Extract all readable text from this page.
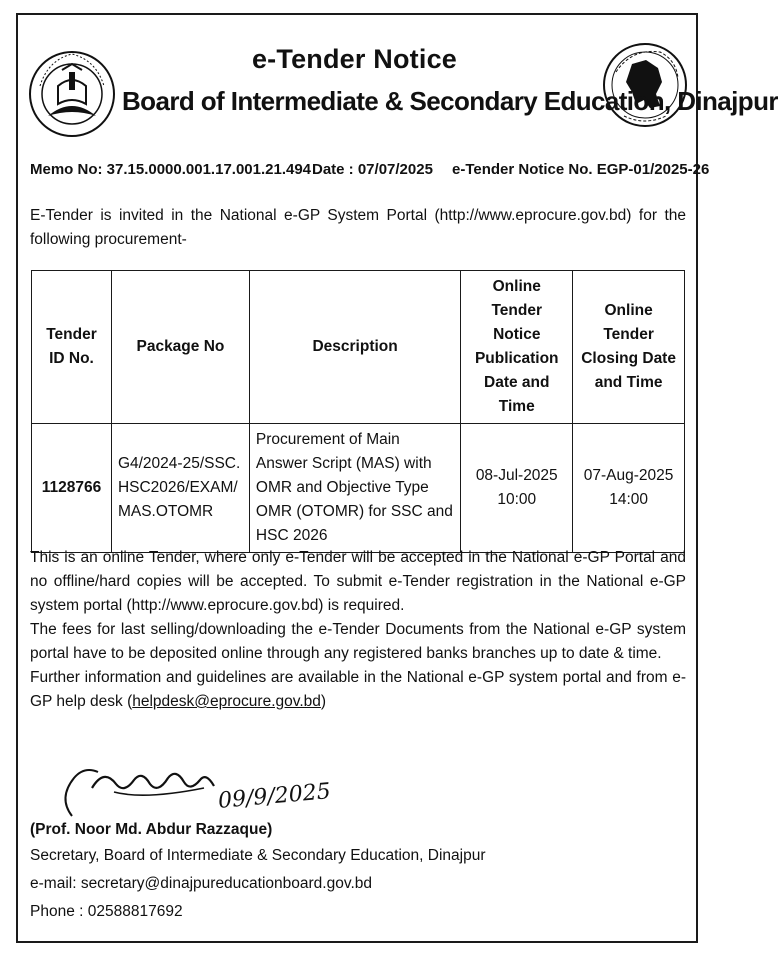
e-Tender Notice
Board of Intermediate & Secondary Education, Dinajpur
Memo No: 37.15.0000.001.17.001.21.494 Date : 07/07/2025 e-Tender Notice No. EGP-01/2025-26
E-Tender is invited in the National e-GP System Portal (http://www.eprocure.gov.bd) for the following procurement-
Tender ID No.	Package No	Description	Online Tender Notice Publication Date and Time	Online Tender Closing Date and Time
1128766	G4/2024-25/SSC. HSC2026/EXAM/ MAS.OTOMR	Procurement of Main Answer Script (MAS) with OMR and Objective Type OMR (OTOMR) for SSC and HSC 2026	08-Jul-2025 10:00	07-Aug-2025 14:00

This is an online Tender, where only e-Tender will be accepted in the National e-GP Portal and no offline/hard copies will be accepted. To submit e-Tender registration in the National e-GP system portal (http://www.eprocure.gov.bd) is required.

The fees for last selling/downloading the e-Tender Documents from the National e-GP system portal have to be deposited online through any registered banks branches up to date & time.

Further information and guidelines are available in the National e-GP system portal and from e-GP help desk (helpdesk@eprocure.gov.bd)

09/9/2025
(Prof. Noor Md. Abdur Razzaque)
Secretary, Board of Intermediate & Secondary Education, Dinajpur
e-mail: secretary@dinajpureducationboard.gov.bd
Phone : 02588817692
